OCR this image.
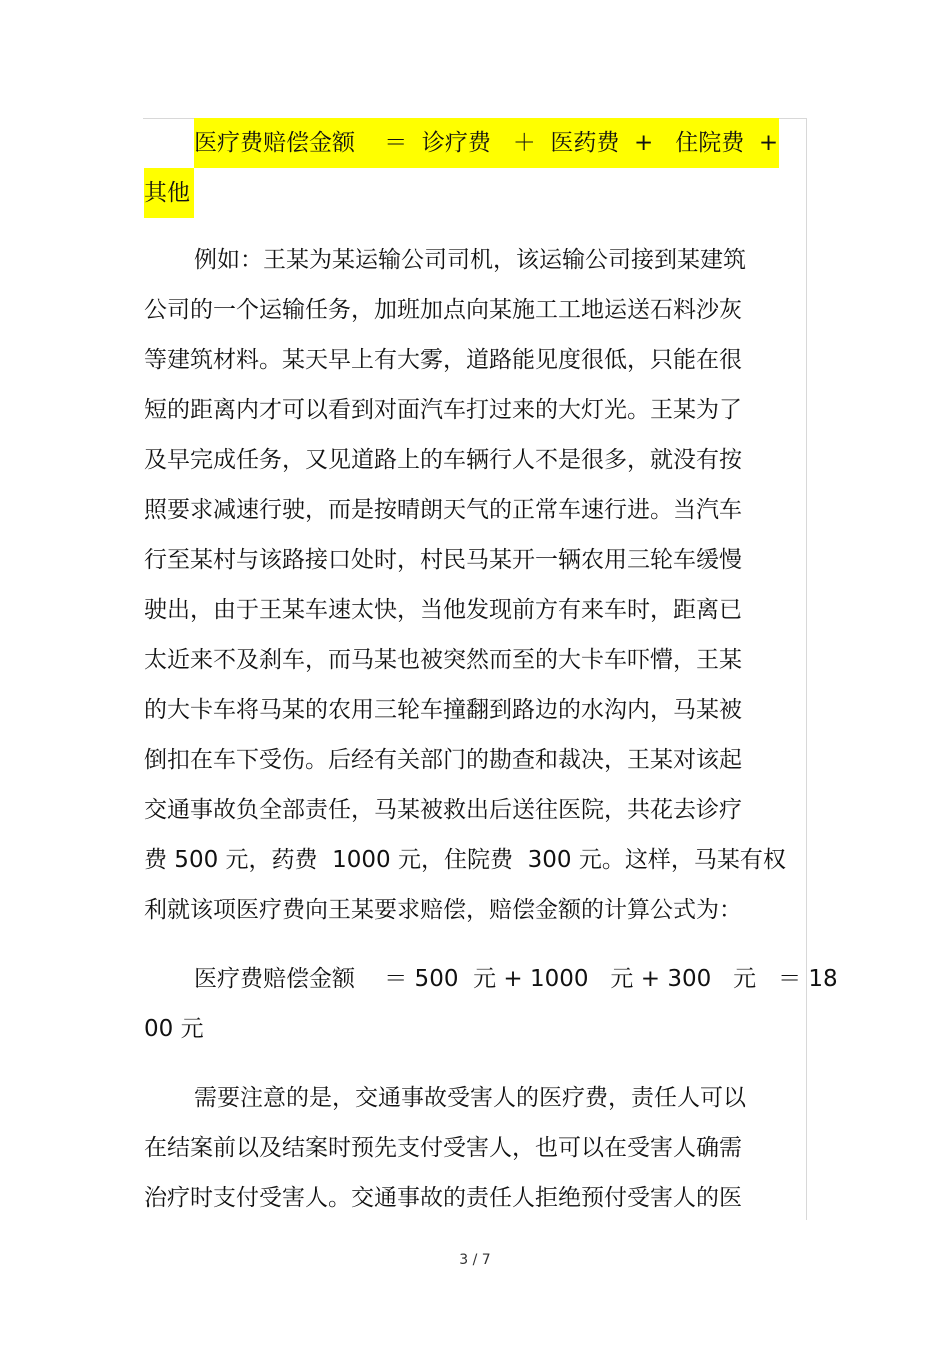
医疗费赔偿金额    ＝  诊疗费   ＋  医药费  +   住院费  +
其他
例如：王某为某运输公司司机，该运输公司接到某建筑
公司的一个运输任务，加班加点向某施工工地运送石料沙灰
等建筑材料。某天早上有大雾，道路能见度很低，只能在很
短的距离内才可以看到对面汽车打过来的大灯光。王某为了
及早完成任务，又见道路上的车辆行人不是很多，就没有按
照要求减速行驶，而是按晴朗天气的正常车速行进。当汽车
行至某村与该路接口处时，村民马某开一辆农用三轮车缓慢
驶出，由于王某车速太快，当他发现前方有来车时，距离已
太近来不及刹车，而马某也被突然而至的大卡车吓懵，王某
的大卡车将马某的农用三轮车撞翻到路边的水沟内，马某被
倒扣在车下受伤。后经有关部门的勘查和裁决，王某对该起
交通事故负全部责任，马某被救出后送往医院，共花去诊疗
费 500 元，药费  1000 元，住院费  300 元。这样，马某有权
利就该项医疗费向王某要求赔偿，赔偿金额的计算公式为：
医疗费赔偿金额    ＝ 500  元 + 1000   元 + 300   元   ＝ 18
00 元
需要注意的是，交通事故受害人的医疗费，责任人可以
在结案前以及结案时预先支付受害人，也可以在受害人确需
治疗时支付受害人。交通事故的责任人拒绝预付受害人的医
3 / 7
